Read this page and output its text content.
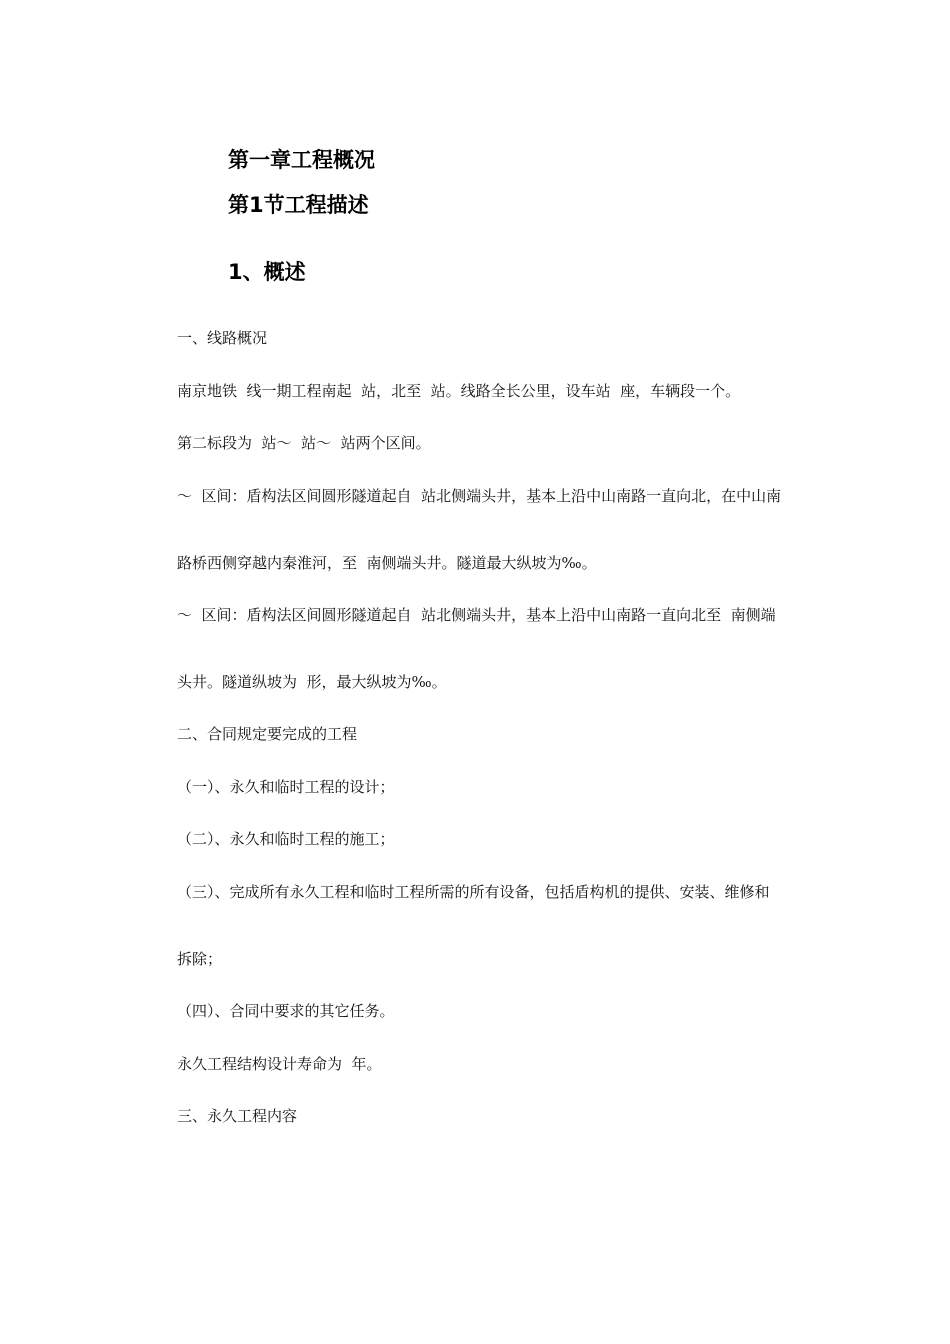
第一章工程概况
第1节工程描述
1、概述
一、线路概况
南京地铁  线一期工程南起  站，北至  站。线路全长公里，设车站  座，车辆段一个。
第二标段为  站～  站～  站两个区间。
～  区间：盾构法区间圆形隧道起自  站北侧端头井，基本上沿中山南路一直向北，在中山南
路桥西侧穿越内秦淮河，至  南侧端头井。隧道最大纵坡为‰。
～  区间：盾构法区间圆形隧道起自  站北侧端头井，基本上沿中山南路一直向北至  南侧端
头井。隧道纵坡为  形，最大纵坡为‰。
二、合同规定要完成的工程
（一）、永久和临时工程的设计；
（二）、永久和临时工程的施工；
（三）、完成所有永久工程和临时工程所需的所有设备，包括盾构机的提供、安装、维修和
拆除；
（四）、合同中要求的其它任务。
永久工程结构设计寿命为  年。
三、永久工程内容
